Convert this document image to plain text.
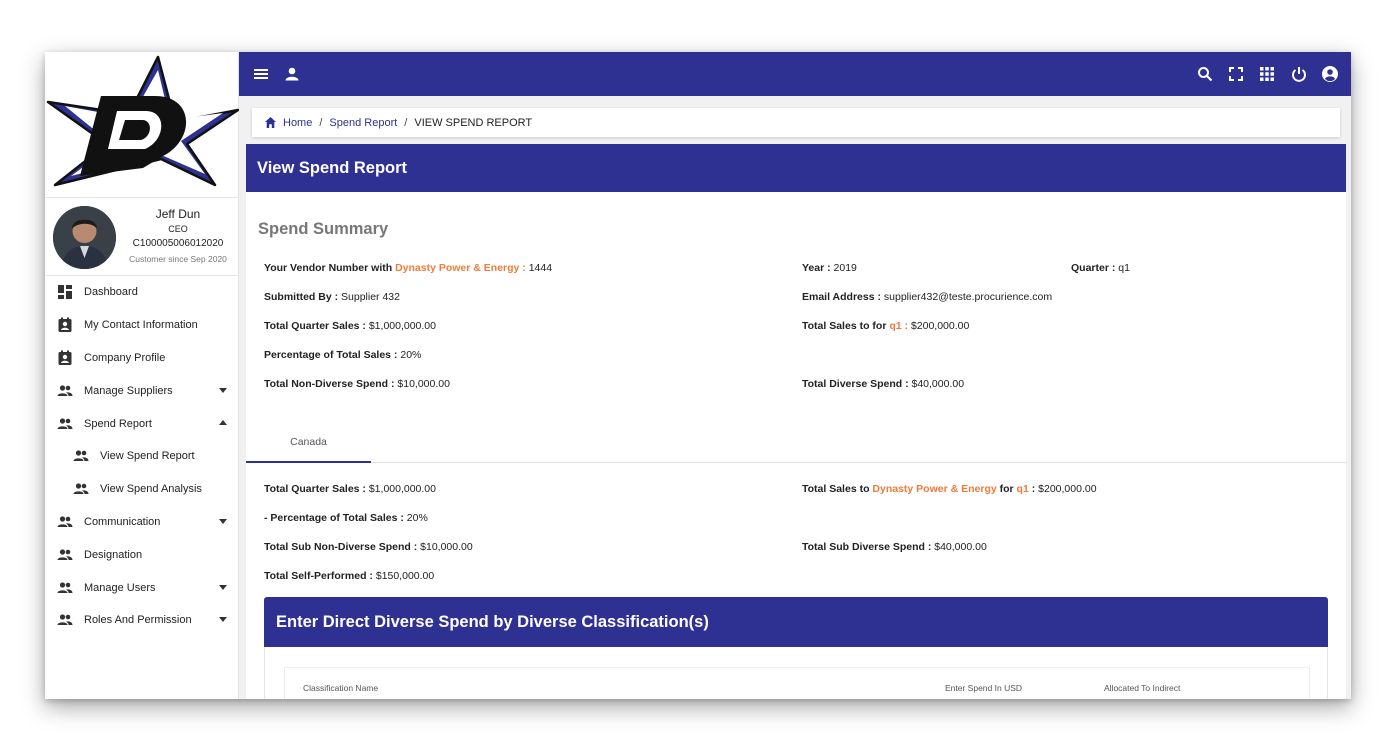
Jeff Dun
CEO
C100005006012020
Customer since Sep 2020
Dashboard
My Contact Information
Company Profile
Manage Suppliers
Spend Report
View Spend Report
View Spend Analysis
Communication
Designation
Manage Users
Roles And Permission
Home / Spend Report / VIEW SPEND REPORT
View Spend Report
Spend Summary
Your Vendor Number with Dynasty Power & Energy : 1444	Year : 2019	Quarter : q1
Submitted By : Supplier 432	Email Address : supplier432@teste.procurience.com
Total Quarter Sales : $1,000,000.00	Total Sales to for q1 : $200,000.00
Percentage of Total Sales : 20%
Total Non-Diverse Spend : $10,000.00	Total Diverse Spend : $40,000.00
Canada
Total Quarter Sales : $1,000,000.00	Total Sales to Dynasty Power & Energy for q1 : $200,000.00
- Percentage of Total Sales : 20%
Total Sub Non-Diverse Spend : $10,000.00	Total Sub Diverse Spend : $40,000.00
Total Self-Performed : $150,000.00
Enter Direct Diverse Spend by Diverse Classification(s)
Classification Name	Enter Spend In USD	Allocated To Indirect
